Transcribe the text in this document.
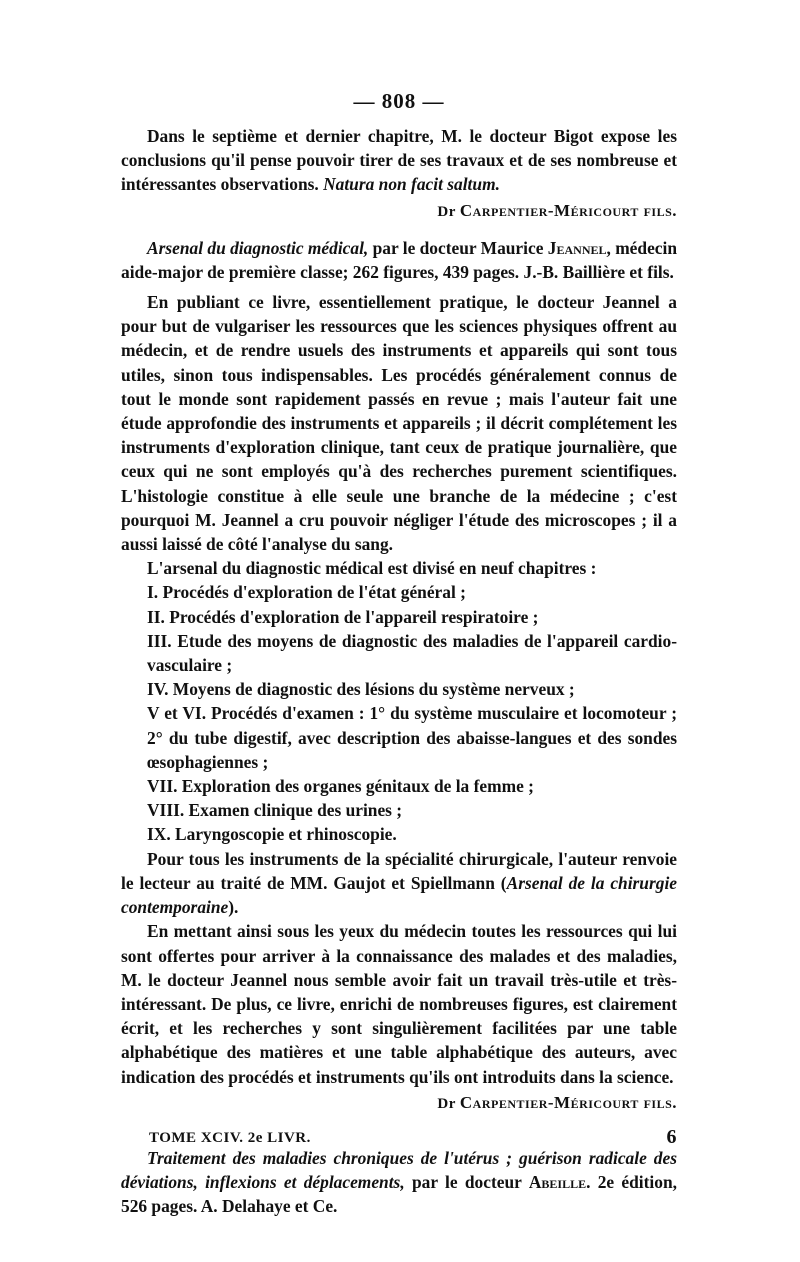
— 808 —

Dans le septième et dernier chapitre, M. le docteur Bigot expose les conclusions qu'il pense pouvoir tirer de ses travaux et de ses nombreuse et intéressantes observations. Natura non facit saltum.

Dr Carpentier-Méricourt fils.

Arsenal du diagnostic médical, par le docteur Maurice Jeannel, médecin aide-major de première classe; 262 figures, 439 pages. J.-B. Baillière et fils.

En publiant ce livre, essentiellement pratique, le docteur Jeannel a pour but de vulgariser les ressources que les sciences physiques offrent au médecin, et de rendre usuels des instruments et appareils qui sont tous utiles, sinon tous indispensables. Les procédés généralement connus de tout le monde sont rapidement passés en revue ; mais l'auteur fait une étude approfondie des instruments et appareils ; il décrit complétement les instruments d'exploration clinique, tant ceux de pratique journalière, que ceux qui ne sont employés qu'à des recherches purement scientifiques. L'histologie constitue à elle seule une branche de la médecine ; c'est pourquoi M. Jeannel a cru pouvoir négliger l'étude des microscopes ; il a aussi laissé de côté l'analyse du sang.

L'arsenal du diagnostic médical est divisé en neuf chapitres :

I. Procédés d'exploration de l'état général ;
II. Procédés d'exploration de l'appareil respiratoire ;
III. Etude des moyens de diagnostic des maladies de l'appareil cardio-vasculaire ;
IV. Moyens de diagnostic des lésions du système nerveux ;
V et VI. Procédés d'examen : 1° du système musculaire et locomoteur ; 2° du tube digestif, avec description des abaisse-langues et des sondes œsophagiennes ;
VII. Exploration des organes génitaux de la femme ;
VIII. Examen clinique des urines ;
IX. Laryngoscopie et rhinoscopie.

Pour tous les instruments de la spécialité chirurgicale, l'auteur renvoie le lecteur au traité de MM. Gaujot et Spiellmann (Arsenal de la chirurgie contemporaine).

En mettant ainsi sous les yeux du médecin toutes les ressources qui lui sont offertes pour arriver à la connaissance des malades et des maladies, M. le docteur Jeannel nous semble avoir fait un travail très-utile et très-intéressant. De plus, ce livre, enrichi de nombreuses figures, est clairement écrit, et les recherches y sont singulièrement facilitées par une table alphabétique des matières et une table alphabétique des auteurs, avec indication des procédés et instruments qu'ils ont introduits dans la science.

Dr Carpentier-Méricourt fils.

Traitement des maladies chroniques de l'utérus ; guérison radicale des déviations, inflexions et déplacements, par le docteur Abeille. 2e édition, 526 pages. A. Delahaye et Ce.

TOME XCIV. 2e LIVR.	6
